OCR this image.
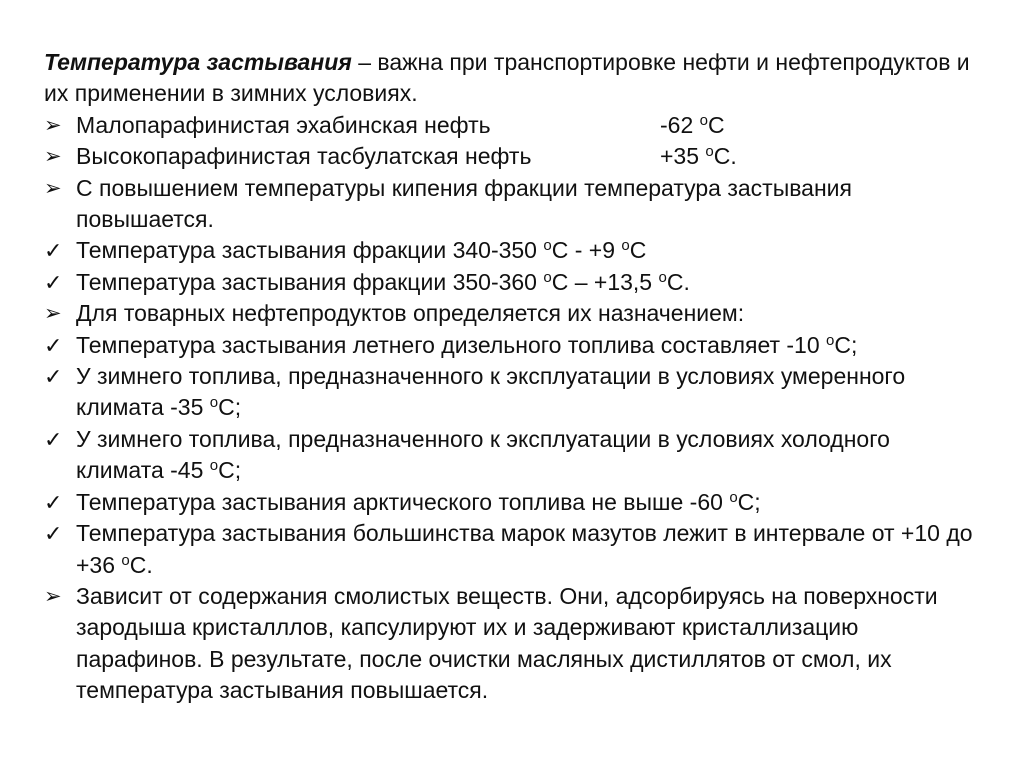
Температура застывания – важна при транспортировке нефти и нефтепродуктов и их применении в зимних условиях.

➢ Малопарафинистая эхабинская нефть	-62 $^о$С
➢ Высокопарафинистая тасбулатская нефть	+35 $^о$С.
➢ С повышением температуры кипения фракции температура застывания повышается.
✓ Температура застывания фракции 340-350 $^о$С - +9 $^о$С
✓ Температура застывания фракции 350-360 $^о$С – +13,5 $^о$С.
➢ Для товарных нефтепродуктов определяется их назначением:
✓ Температура застывания летнего дизельного топлива составляет -10 $^о$С;
✓ У зимнего топлива, предназначенного к эксплуатации в условиях умеренного климата -35 $^о$С;
✓ У зимнего топлива, предназначенного к эксплуатации в условиях холодного климата -45 $^о$С;
✓ Температура застывания арктического топлива не выше -60 $^о$С;
✓ Температура застывания большинства марок мазутов лежит в интервале от +10 до +36 $^о$С.
➢ Зависит от содержания смолистых веществ. Они, адсорбируясь на поверхности зародыша кристалллов, капсулируют их и задерживают кристаллизацию парафинов. В результате, после очистки масляных дистиллятов от смол, их температура застывания повышается.
